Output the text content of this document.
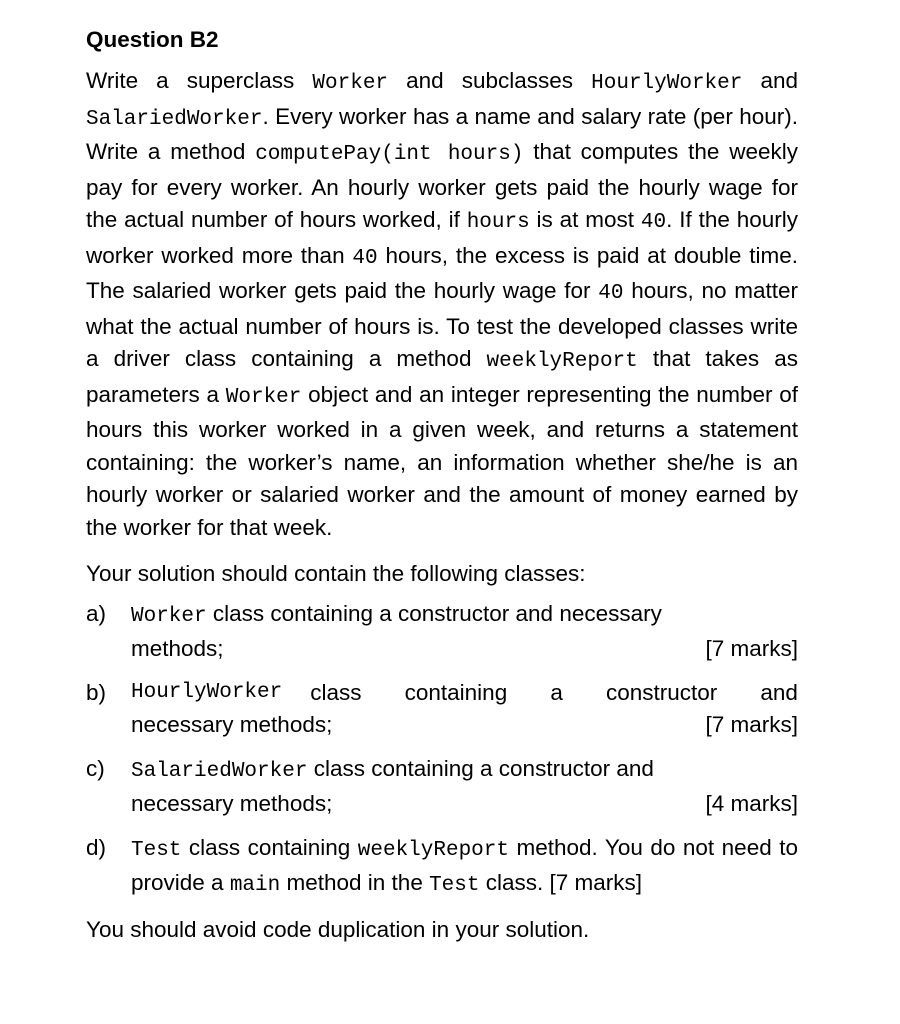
Question B2

Write a superclass Worker and subclasses HourlyWorker and SalariedWorker. Every worker has a name and salary rate (per hour). Write a method computePay(int hours) that computes the weekly pay for every worker. An hourly worker gets paid the hourly wage for the actual number of hours worked, if hours is at most 40. If the hourly worker worked more than 40 hours, the excess is paid at double time. The salaried worker gets paid the hourly wage for 40 hours, no matter what the actual number of hours is. To test the developed classes write a driver class containing a method weeklyReport that takes as parameters a Worker object and an integer representing the number of hours this worker worked in a given week, and returns a statement containing: the worker’s name, an information whether she/he is an hourly worker or salaried worker and the amount of money earned by the worker for that week.

Your solution should contain the following classes:

a) Worker class containing a constructor and necessary
methods;	[7 marks]
b) HourlyWorker class containing a constructor and
necessary methods;	[7 marks]
c) SalariedWorker class containing a constructor and
necessary methods;	[4 marks]
d) Test class containing weeklyReport method. You do not need to provide a main method in the Test class. [7 marks]

You should avoid code duplication in your solution.
